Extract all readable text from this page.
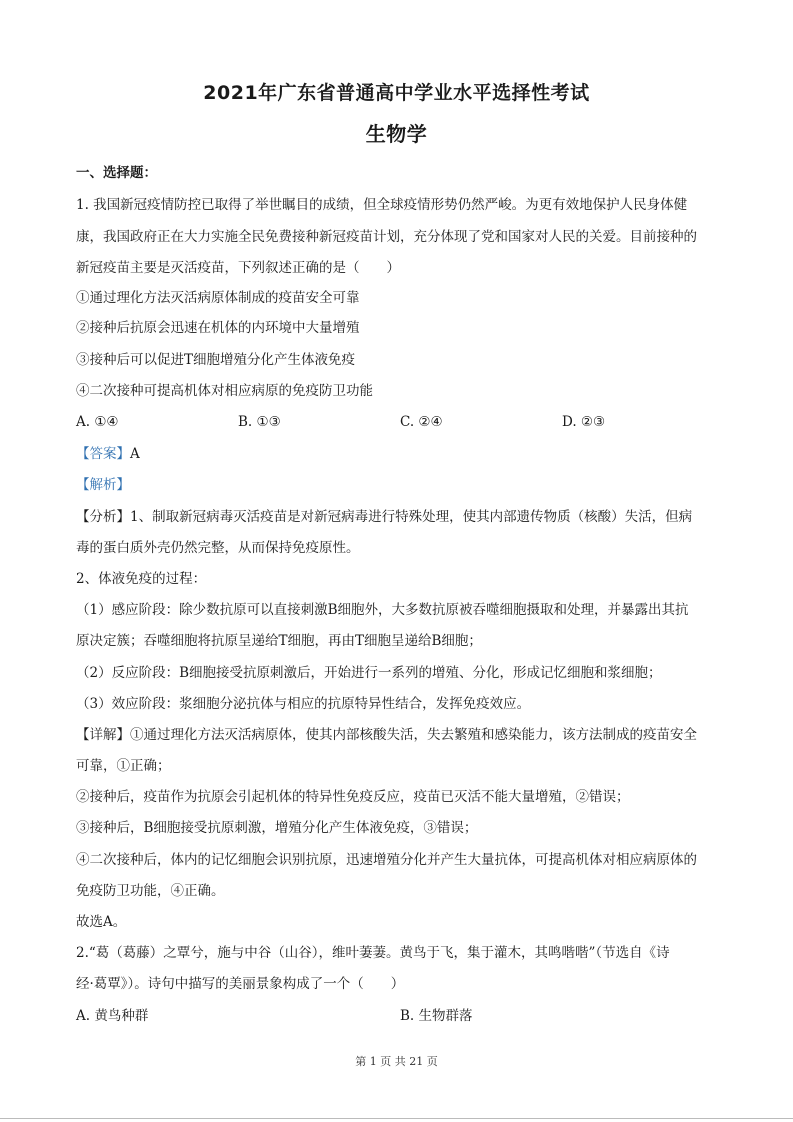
2021年广东省普通高中学业水平选择性考试
生物学
一、选择题：
1. 我国新冠疫情防控已取得了举世瞩目的成绩，但全球疫情形势仍然严峻。为更有效地保护人民身体健
康，我国政府正在大力实施全民免费接种新冠疫苗计划，充分体现了党和国家对人民的关爱。目前接种的
新冠疫苗主要是灭活疫苗，下列叙述正确的是（　　）
①通过理化方法灭活病原体制成的疫苗安全可靠
②接种后抗原会迅速在机体的内环境中大量增殖
③接种后可以促进T细胞增殖分化产生体液免疫
④二次接种可提高机体对相应病原的免疫防卫功能
A. ①④	B. ①③	C. ②④	D. ②③
【答案】A
【解析】
【分析】1、制取新冠病毒灭活疫苗是对新冠病毒进行特殊处理，使其内部遗传物质（核酸）失活，但病
毒的蛋白质外壳仍然完整，从而保持免疫原性。
2、体液免疫的过程：
（1）感应阶段：除少数抗原可以直接刺激B细胞外，大多数抗原被吞噬细胞摄取和处理，并暴露出其抗
原决定簇；吞噬细胞将抗原呈递给T细胞，再由T细胞呈递给B细胞；
（2）反应阶段：B细胞接受抗原刺激后，开始进行一系列的增殖、分化，形成记忆细胞和浆细胞；
（3）效应阶段：浆细胞分泌抗体与相应的抗原特异性结合，发挥免疫效应。
【详解】①通过理化方法灭活病原体，使其内部核酸失活，失去繁殖和感染能力，该方法制成的疫苗安全
可靠，①正确；
②接种后，疫苗作为抗原会引起机体的特异性免疫反应，疫苗已灭活不能大量增殖，②错误；
③接种后，B细胞接受抗原刺激，增殖分化产生体液免疫，③错误；
④二次接种后，体内的记忆细胞会识别抗原，迅速增殖分化并产生大量抗体，可提高机体对相应病原体的
免疫防卫功能，④正确。
故选A。
2.“葛（葛藤）之覃兮，施与中谷（山谷），维叶萋萋。黄鸟于飞，集于灌木，其鸣喈喈”（节选自《诗
经·葛覃》）。诗句中描写的美丽景象构成了一个（　　）
A. 黄鸟种群	B. 生物群落
第 1 页 共 21 页
